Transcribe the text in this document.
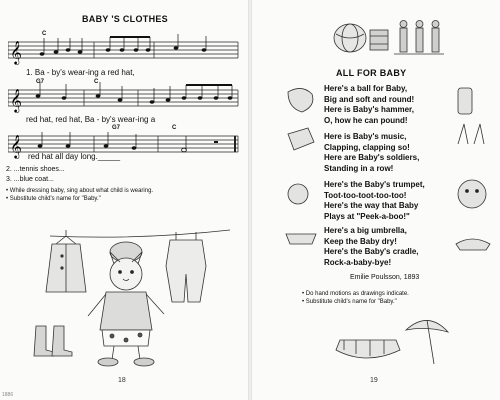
BABY 'S CLOTHES
𝄞
C
1. Ba - by's wear-ing a red hat,
𝄞
G7	C
red hat, red hat, Ba - by's wear-ing a
𝄞
G7	C
red hat all day long._____
2. ...tennis shoes...
3. ...blue coat...
• While dressing baby, sing about what child is wearing.
• Substitute child's name for "Baby."
18
ALL FOR BABY
Here's a ball for Baby,
Big and soft and round!
Here is Baby's hammer,
O, how he can pound!
Here is Baby's music,
Clapping, clapping so!
Here are Baby's soldiers,
Standing in a row!
Here's the Baby's trumpet,
Toot-too-toot-too-too!
Here's the way that Baby
Plays at "Peek-a-boo!"
Here's a big umbrella,
Keep the Baby dry!
Here's the Baby's cradle,
Rock-a-baby-bye!
Emilie Poulsson, 1893
• Do hand motions as drawings indicate.
• Substitute child's name for "Baby."
19
1886
